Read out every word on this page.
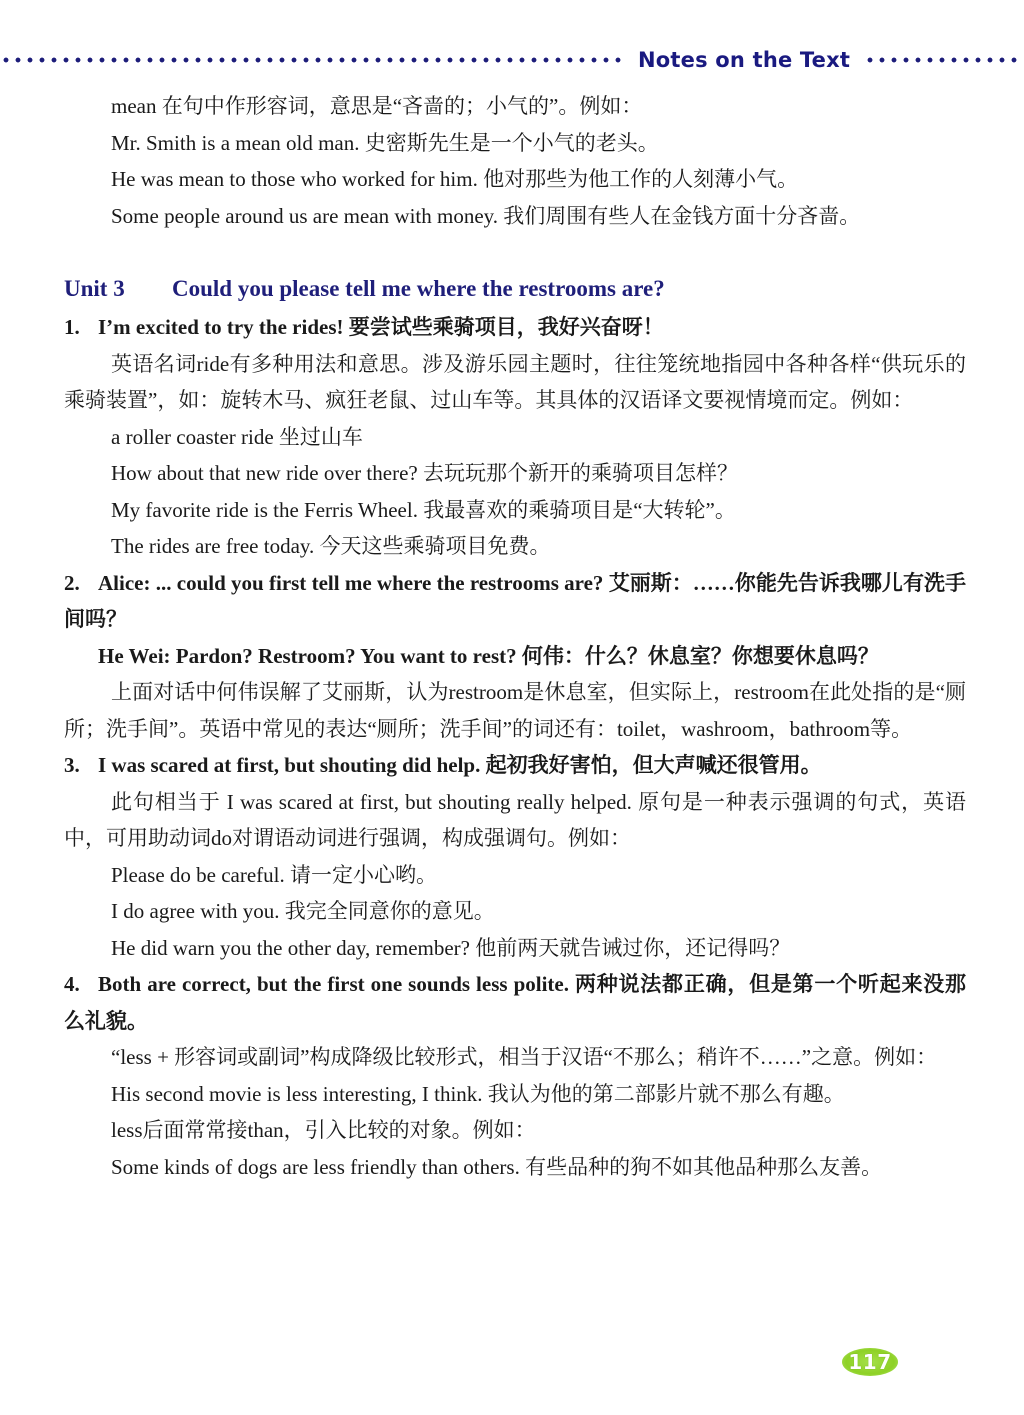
Notes on the Text
mean 在句中作形容词，意思是“吝啬的；小气的”。例如：
Mr. Smith is a mean old man. 史密斯先生是一个小气的老头。
He was mean to those who worked for him. 他对那些为他工作的人刻薄小气。
Some people around us are mean with money. 我们周围有些人在金钱方面十分吝啬。
Unit 3 Could you please tell me where the restrooms are?
1. I’m excited to try the rides! 要尝试些乘骑项目，我好兴奋呀！
英语名词ride有多种用法和意思。涉及游乐园主题时，往往笼统地指园中各种各样“供玩乐的乘骑装置”，如：旋转木马、疯狂老鼠、过山车等。其具体的汉语译文要视情境而定。例如：
a roller coaster ride 坐过山车
How about that new ride over there? 去玩玩那个新开的乘骑项目怎样？
My favorite ride is the Ferris Wheel. 我最喜欢的乘骑项目是“大转轮”。
The rides are free today. 今天这些乘骑项目免费。
2. Alice: ... could you first tell me where the restrooms are? 艾丽斯：……你能先告诉我哪儿有洗手间吗？
He Wei: Pardon? Restroom? You want to rest? 何伟：什么？休息室？你想要休息吗？
上面对话中何伟误解了艾丽斯，认为restroom是休息室，但实际上，restroom在此处指的是“厕所；洗手间”。英语中常见的表达“厕所；洗手间”的词还有：toilet，washroom，bathroom等。
3. I was scared at first, but shouting did help. 起初我好害怕，但大声喊还很管用。
此句相当于 I was scared at first, but shouting really helped. 原句是一种表示强调的句式，英语中，可用助动词do对谓语动词进行强调，构成强调句。例如：
Please do be careful. 请一定小心哟。
I do agree with you. 我完全同意你的意见。
He did warn you the other day, remember? 他前两天就告诫过你，还记得吗？
4. Both are correct, but the first one sounds less polite. 两种说法都正确，但是第一个听起来没那么礼貌。
“less + 形容词或副词”构成降级比较形式，相当于汉语“不那么；稍许不……”之意。例如：
His second movie is less interesting, I think. 我认为他的第二部影片就不那么有趣。
less后面常常接than，引入比较的对象。例如：
Some kinds of dogs are less friendly than others. 有些品种的狗不如其他品种那么友善。
117
